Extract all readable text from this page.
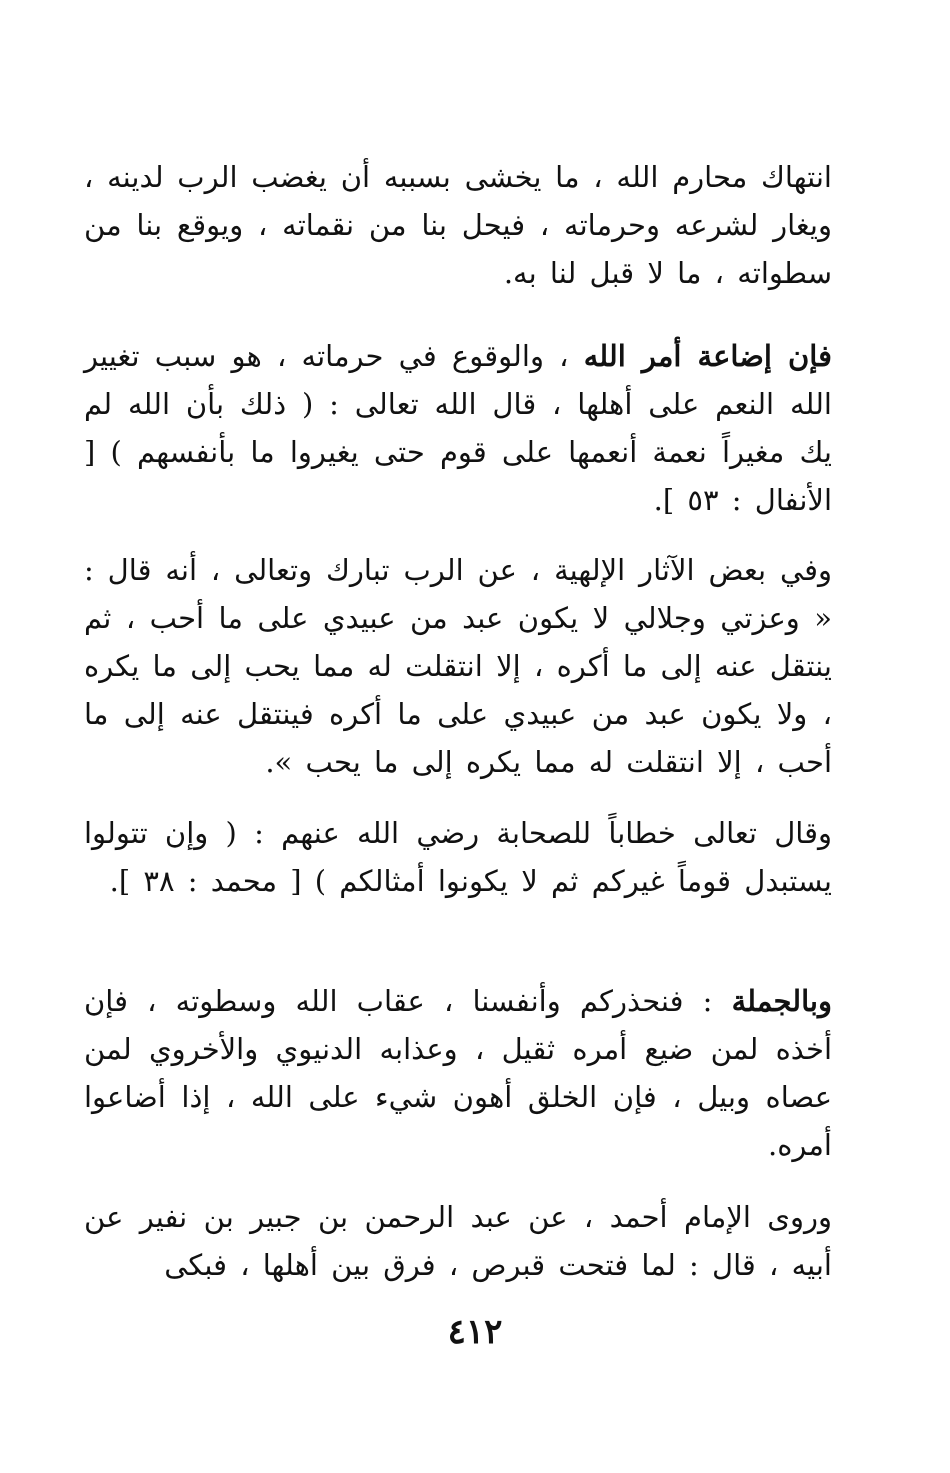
انتهاك محارم الله ، ما يخشى بسببه أن يغضب الرب لدينه ، ويغار لشرعه وحرماته ، فيحل بنا من نقماته ، ويوقع بنا من سطواته ، ما لا قبل لنا به.

فإن إضاعة أمر الله ، والوقوع في حرماته ، هو سبب تغيير الله النعم على أهلها ، قال الله تعالى : ( ذلك بأن الله لم يك مغيراً نعمة أنعمها على قوم حتى يغيروا ما بأنفسهم ) [ الأنفال : ٥٣ ].

وفي بعض الآثار الإلهية ، عن الرب تبارك وتعالى ، أنه قال : « وعزتي وجلالي لا يكون عبد من عبيدي على ما أحب ، ثم ينتقل عنه إلى ما أكره ، إلا انتقلت له مما يحب إلى ما يكره ، ولا يكون عبد من عبيدي على ما أكره فينتقل عنه إلى ما أحب ، إلا انتقلت له مما يكره إلى ما يحب ».

وقال تعالى خطاباً للصحابة رضي الله عنهم : ( وإن تتولوا يستبدل قوماً غيركم ثم لا يكونوا أمثالكم ) [ محمد : ٣٨ ].

وبالجملة : فنحذركم وأنفسنا ، عقاب الله وسطوته ، فإن أخذه لمن ضيع أمره ثقيل ، وعذابه الدنيوي والأخروي لمن عصاه وبيل ، فإن الخلق أهون شيء على الله ، إذا أضاعوا أمره.

وروى الإمام أحمد ، عن عبد الرحمن بن جبير بن نفير عن أبيه ، قال : لما فتحت قبرص ، فرق بين أهلها ، فبكى

٤١٢
